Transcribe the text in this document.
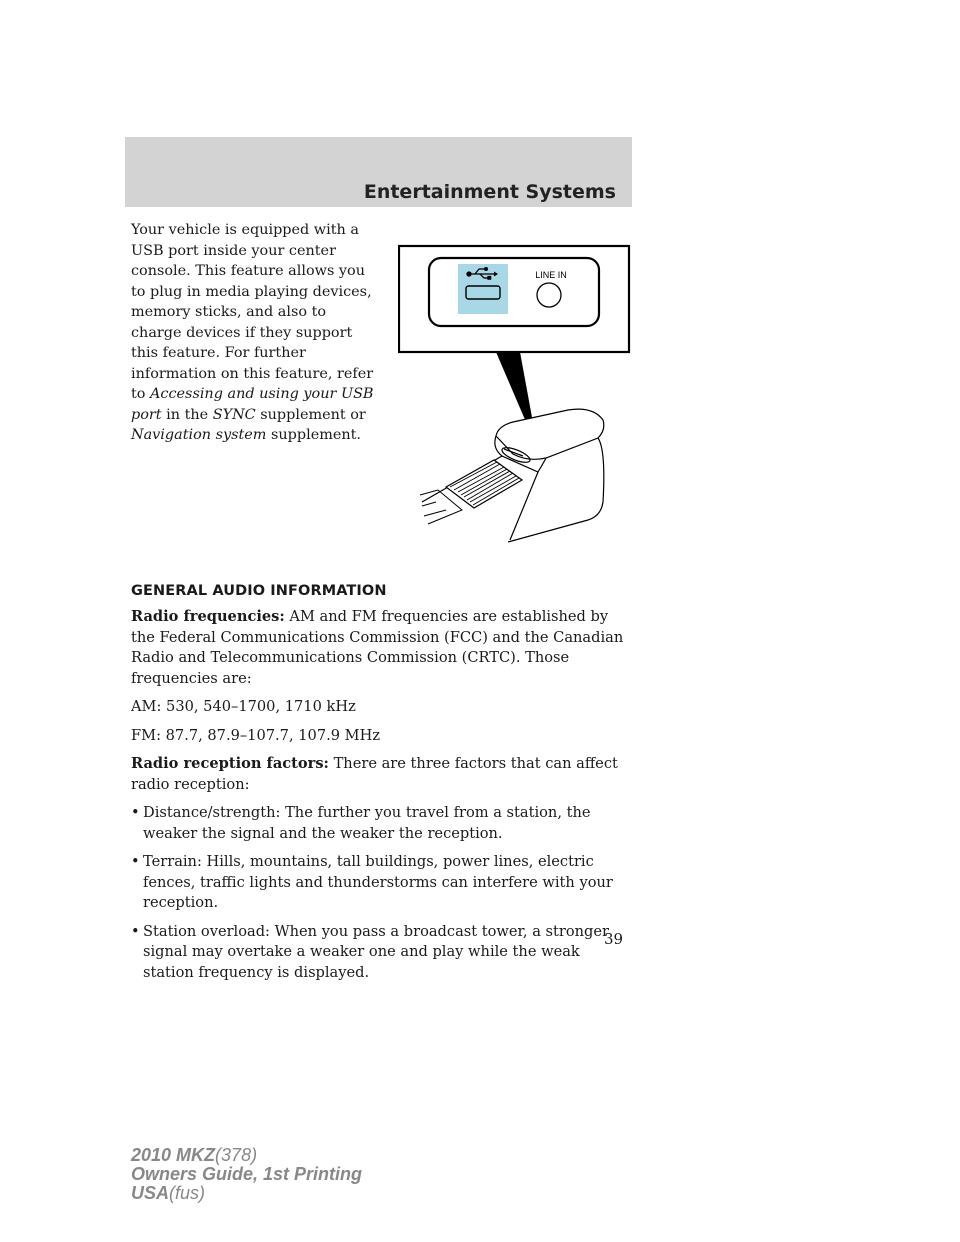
Entertainment Systems
Your vehicle is equipped with a USB port inside your center console. This feature allows you to plug in media playing devices, memory sticks, and also to charge devices if they support this feature. For further information on this feature, refer to Accessing and using your USB port in the SYNC supplement or Navigation system supplement.
LINE IN
GENERAL AUDIO INFORMATION

Radio frequencies: AM and FM frequencies are established by the Federal Communications Commission (FCC) and the Canadian Radio and Telecommunications Commission (CRTC). Those frequencies are:

AM: 530, 540–1700, 1710 kHz

FM: 87.7, 87.9–107.7, 107.9 MHz

Radio reception factors: There are three factors that can affect radio reception:

• Distance/strength: The further you travel from a station, the weaker the signal and the weaker the reception.
• Terrain: Hills, mountains, tall buildings, power lines, electric fences, traffic lights and thunderstorms can interfere with your reception.
• Station overload: When you pass a broadcast tower, a stronger signal may overtake a weaker one and play while the weak station frequency is displayed.
39
2010 MKZ(378)
Owners Guide, 1st Printing
USA(fus)
